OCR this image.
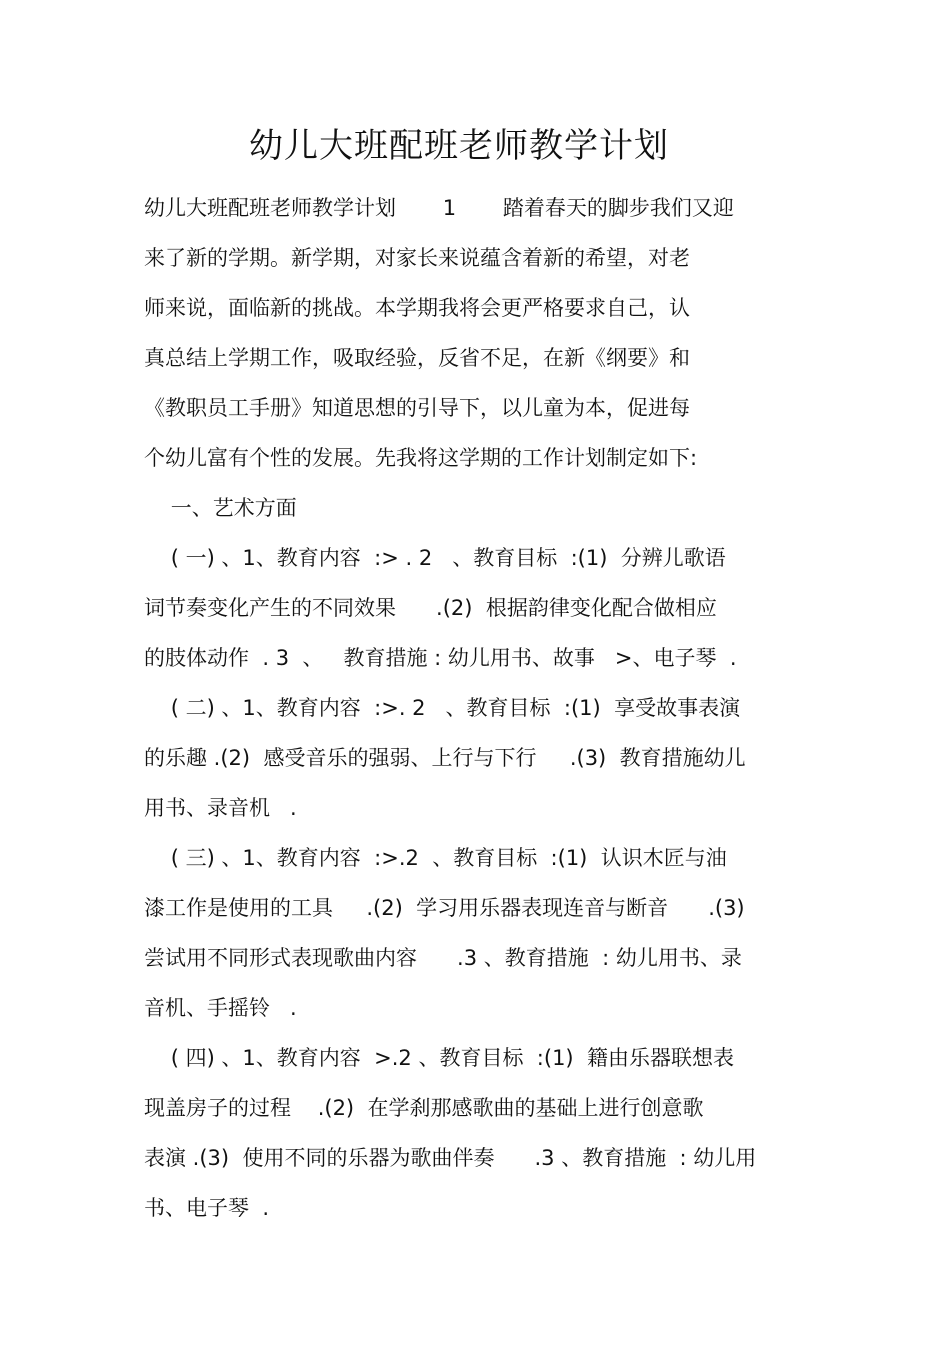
幼儿大班配班老师教学计划
幼儿大班配班老师教学计划       1       踏着春天的脚步我们又迎
来了新的学期。新学期，对家长来说蕴含着新的希望，对老
师来说，面临新的挑战。本学期我将会更严格要求自己，认
真总结上学期工作，吸取经验，反省不足，在新《纲要》和
《教职员工手册》知道思想的引导下，以儿童为本，促进每
个幼儿富有个性的发展。先我将这学期的工作计划制定如下:
一、艺术方面
( 一) 、1、教育内容  :> . 2   、教育目标  :(1)  分辨儿歌语
词节奏变化产生的不同效果      .(2)  根据韵律变化配合做相应
的肢体动作  . 3  、   教育措施 : 幼儿用书、故事   >、电子琴  .
( 二) 、1、教育内容  :>. 2   、教育目标  :(1)  享受故事表演
的乐趣 .(2)  感受音乐的强弱、上行与下行     .(3)  教育措施幼儿
用书、录音机   .
( 三) 、1、教育内容  :>.2  、教育目标  :(1)  认识木匠与油
漆工作是使用的工具     .(2)  学习用乐器表现连音与断音      .(3)
尝试用不同形式表现歌曲内容      .3 、教育措施  : 幼儿用书、录
音机、手摇铃   .
( 四) 、1、教育内容  >.2 、教育目标  :(1)  籍由乐器联想表
现盖房子的过程    .(2)  在学刹那感歌曲的基础上进行创意歌
表演 .(3)  使用不同的乐器为歌曲伴奏      .3 、教育措施  : 幼儿用
书、电子琴  .
